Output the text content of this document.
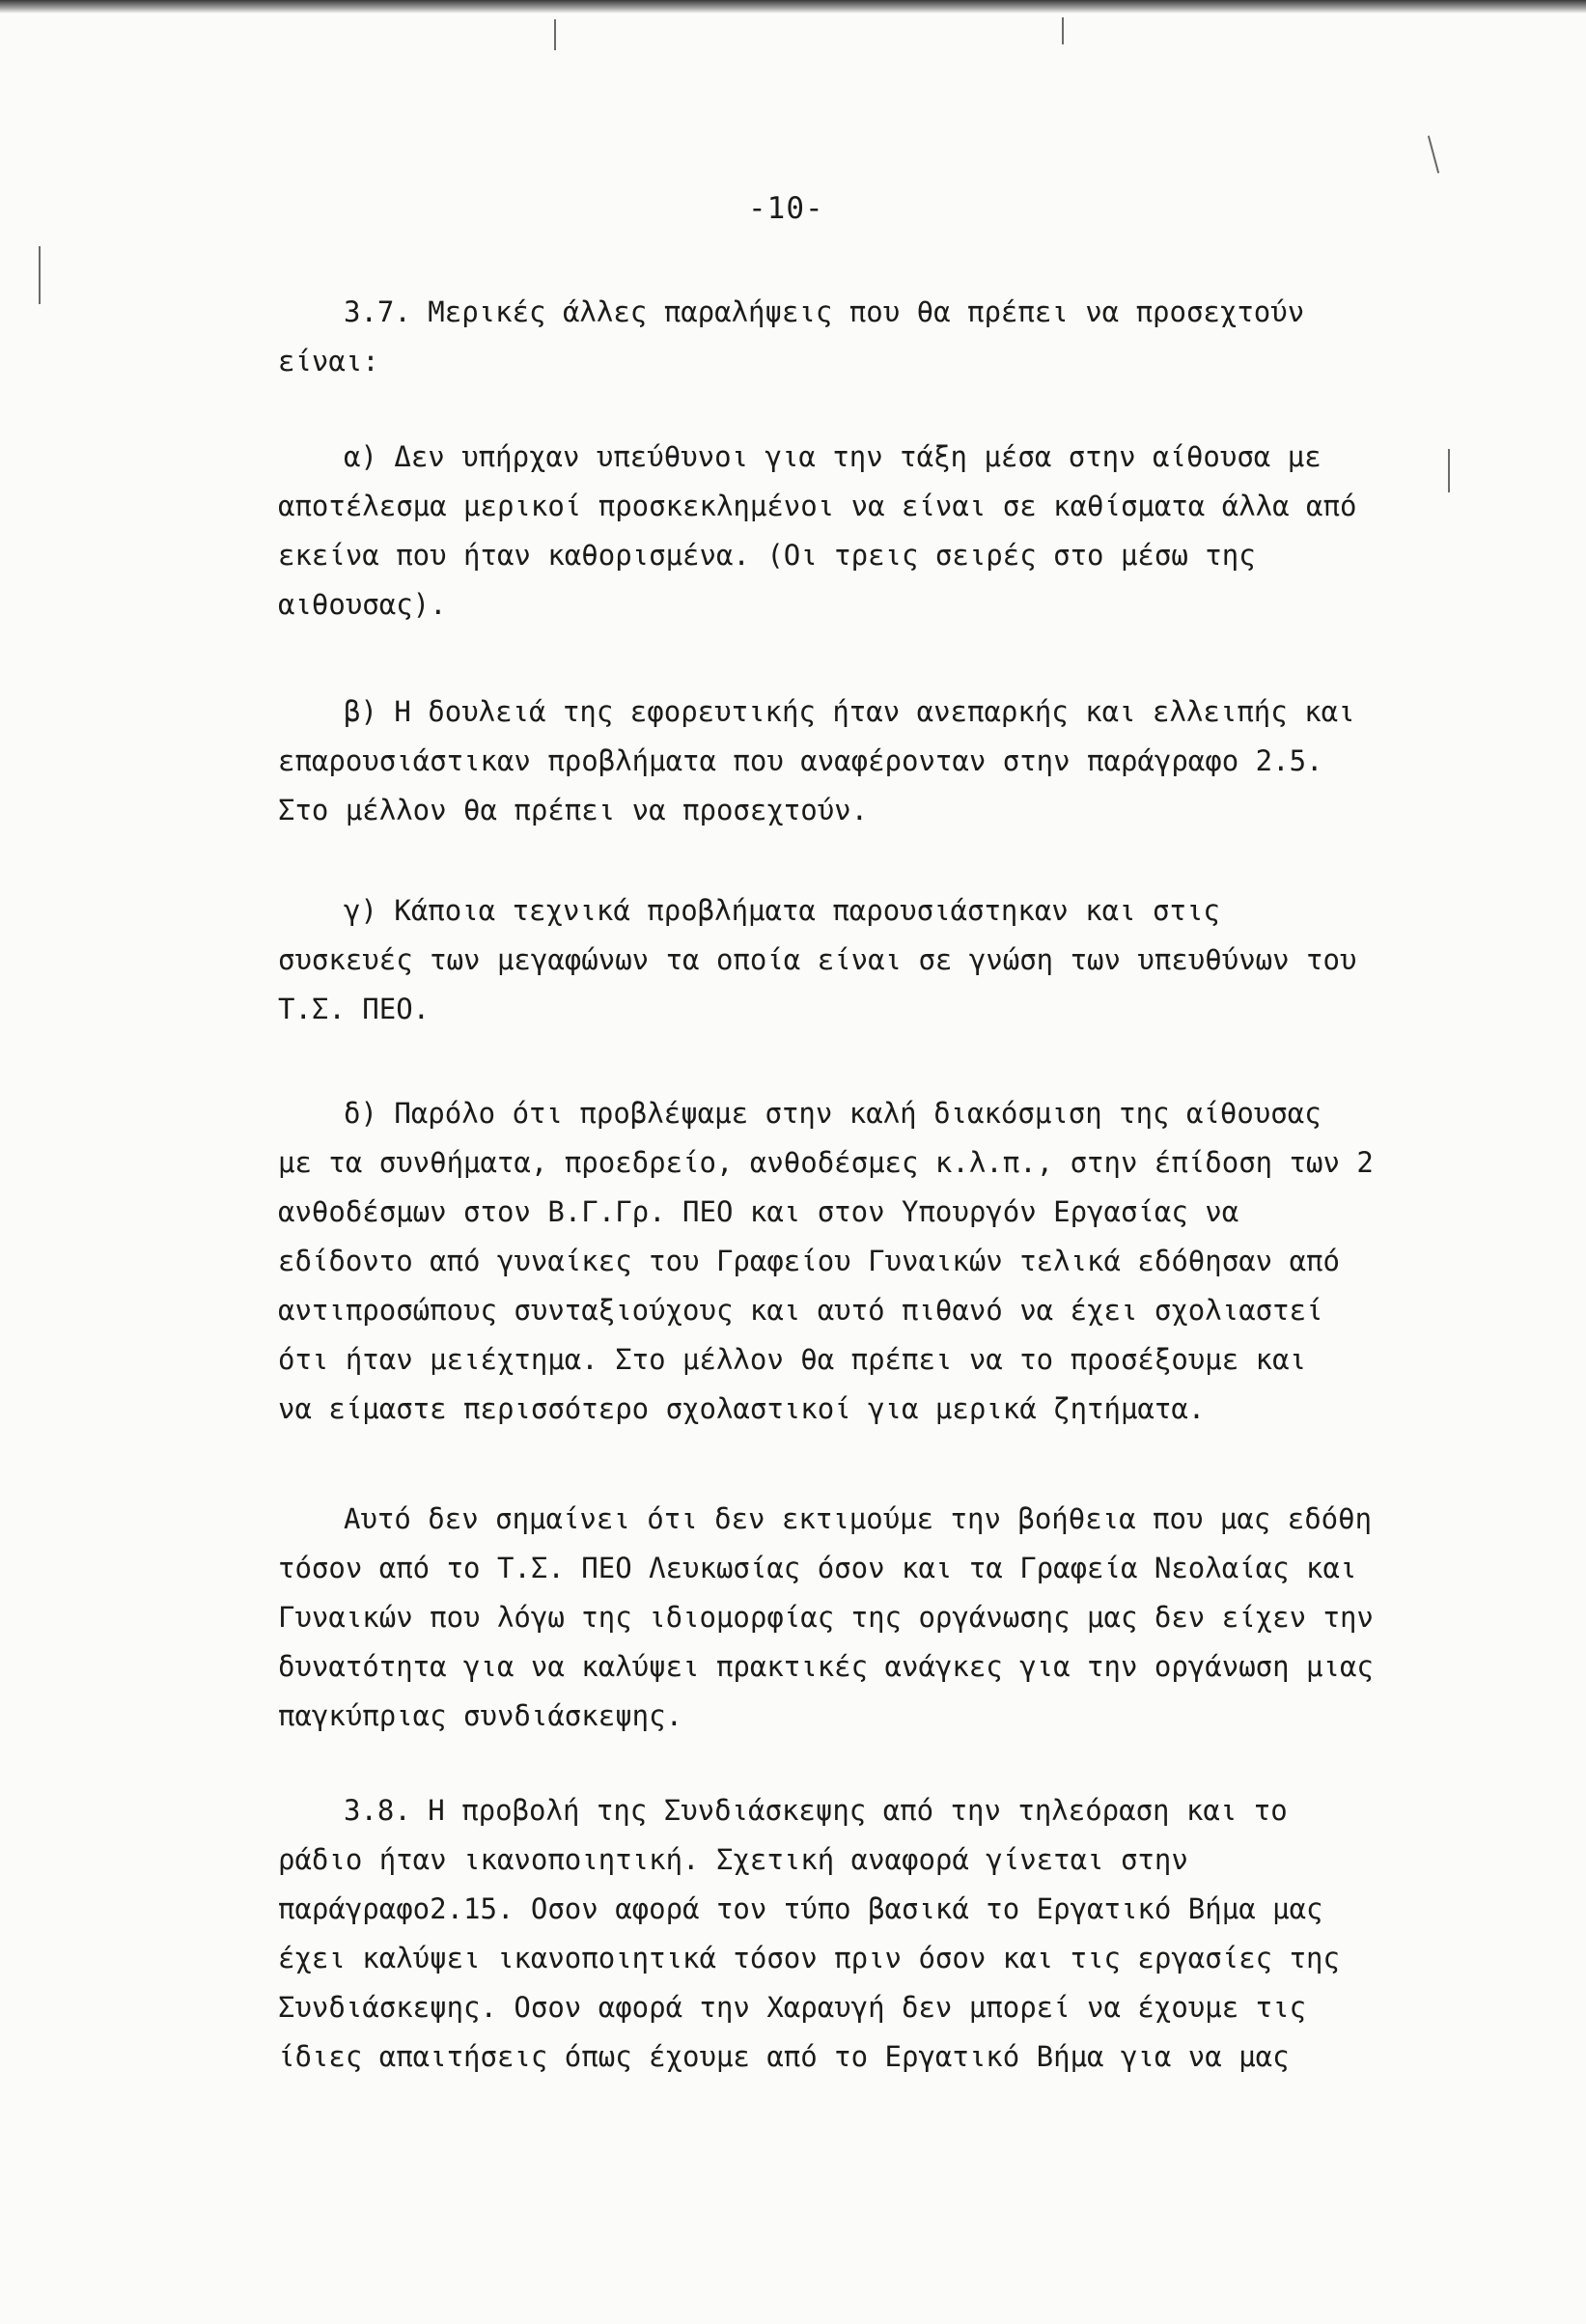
-10-
3.7. Μερικές άλλες παραλήψεις που θα πρέπει να προσεχτούν
είναι:
α) Δεν υπήρχαν υπεύθυνοι για την τάξη μέσα στην αίθουσα με
αποτέλεσμα μερικοί προσκεκλημένοι να είναι σε καθίσματα άλλα από
εκείνα που ήταν καθορισμένα. (Οι τρεις σειρές στο μέσω της
αιθουσας).
β) Η δουλειά της εφορευτικής ήταν ανεπαρκής και ελλειπής και
επαρουσιάστικαν προβλήματα που αναφέρονταν στην παράγραφο 2.5.
Στο μέλλον θα πρέπει να προσεχτούν.
γ) Κάποια τεχνικά προβλήματα παρουσιάστηκαν και στις
συσκευές των μεγαφώνων τα οποία είναι σε γνώση των υπευθύνων του
Τ.Σ. ΠΕΟ.
δ) Παρόλο ότι προβλέψαμε στην καλή διακόσμιση της αίθουσας
με τα συνθήματα, προεδρείο, ανθοδέσμες κ.λ.π., στην έπίδοση των 2
ανθοδέσμων στον Β.Γ.Γρ. ΠΕΟ και στον Υπουργόν Εργασίας να
εδίδοντο από γυναίκες του Γραφείου Γυναικών τελικά εδόθησαν από
αντιπροσώπους συνταξιούχους και αυτό πιθανό να έχει σχολιαστεί
ότι ήταν μειέχτημα. Στο μέλλον θα πρέπει να το προσέξουμε και
να είμαστε περισσότερο σχολαστικοί για μερικά ζητήματα.
Αυτό δεν σημαίνει ότι δεν εκτιμούμε την βοήθεια που μας εδόθη
τόσον από το Τ.Σ. ΠΕΟ Λευκωσίας όσον και τα Γραφεία Νεολαίας και
Γυναικών που λόγω της ιδιομορφίας της οργάνωσης μας δεν είχεν την
δυνατότητα για να καλύψει πρακτικές ανάγκες για την οργάνωση μιας
παγκύπριας συνδιάσκεψης.
3.8. Η προβολή της Συνδιάσκεψης από την τηλεόραση και το
ράδιο ήταν ικανοποιητική. Σχετική αναφορά γίνεται στην
παράγραφο2.15. Οσον αφορά τον τύπο βασικά το Εργατικό Βήμα μας
έχει καλύψει ικανοποιητικά τόσον πριν όσον και τις εργασίες της
Συνδιάσκεψης. Οσον αφορά την Χαραυγή δεν μπορεί να έχουμε τις
ίδιες απαιτήσεις όπως έχουμε από το Εργατικό Βήμα για να μας
